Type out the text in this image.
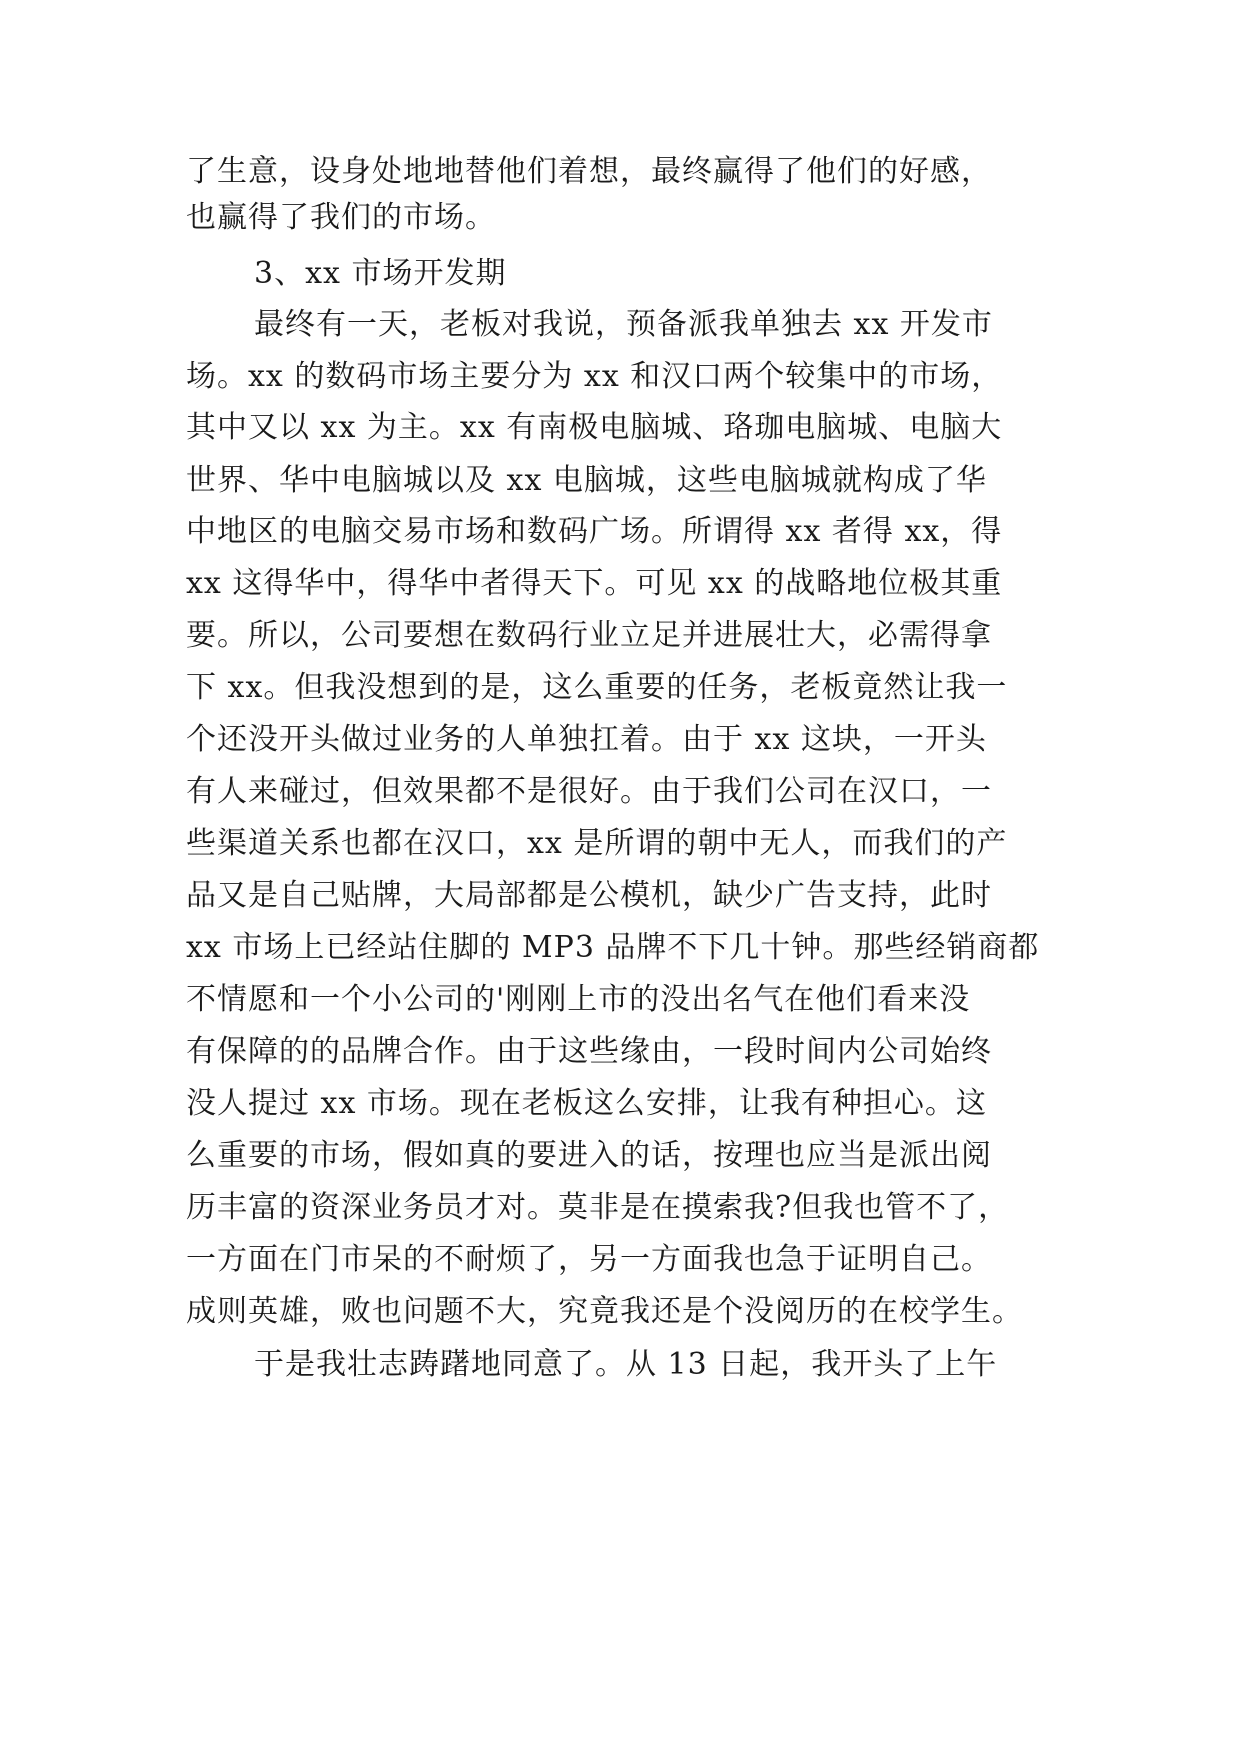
了生意，设身处地地替他们着想，最终赢得了他们的好感，
也赢得了我们的市场。
3、xx 市场开发期
最终有一天，老板对我说，预备派我单独去 xx 开发市
场。xx 的数码市场主要分为 xx 和汉口两个较集中的市场，
其中又以 xx 为主。xx 有南极电脑城、珞珈电脑城、电脑大
世界、华中电脑城以及 xx 电脑城，这些电脑城就构成了华
中地区的电脑交易市场和数码广场。所谓得 xx 者得 xx，得
xx 这得华中，得华中者得天下。可见 xx 的战略地位极其重
要。所以，公司要想在数码行业立足并进展壮大，必需得拿
下 xx。但我没想到的是，这么重要的任务，老板竟然让我一
个还没开头做过业务的人单独扛着。由于 xx 这块，一开头
有人来碰过，但效果都不是很好。由于我们公司在汉口，一
些渠道关系也都在汉口，xx 是所谓的朝中无人，而我们的产
品又是自己贴牌，大局部都是公模机，缺少广告支持，此时
xx 市场上已经站住脚的 MP3 品牌不下几十钟。那些经销商都
不情愿和一个小公司的'刚刚上市的没出名气在他们看来没
有保障的的品牌合作。由于这些缘由，一段时间内公司始终
没人提过 xx 市场。现在老板这么安排，让我有种担心。这
么重要的市场，假如真的要进入的话，按理也应当是派出阅
历丰富的资深业务员才对。莫非是在摸索我?但我也管不了，
一方面在门市呆的不耐烦了，另一方面我也急于证明自己。
成则英雄，败也问题不大，究竟我还是个没阅历的在校学生。
于是我壮志踌躇地同意了。从 13 日起，我开头了上午
